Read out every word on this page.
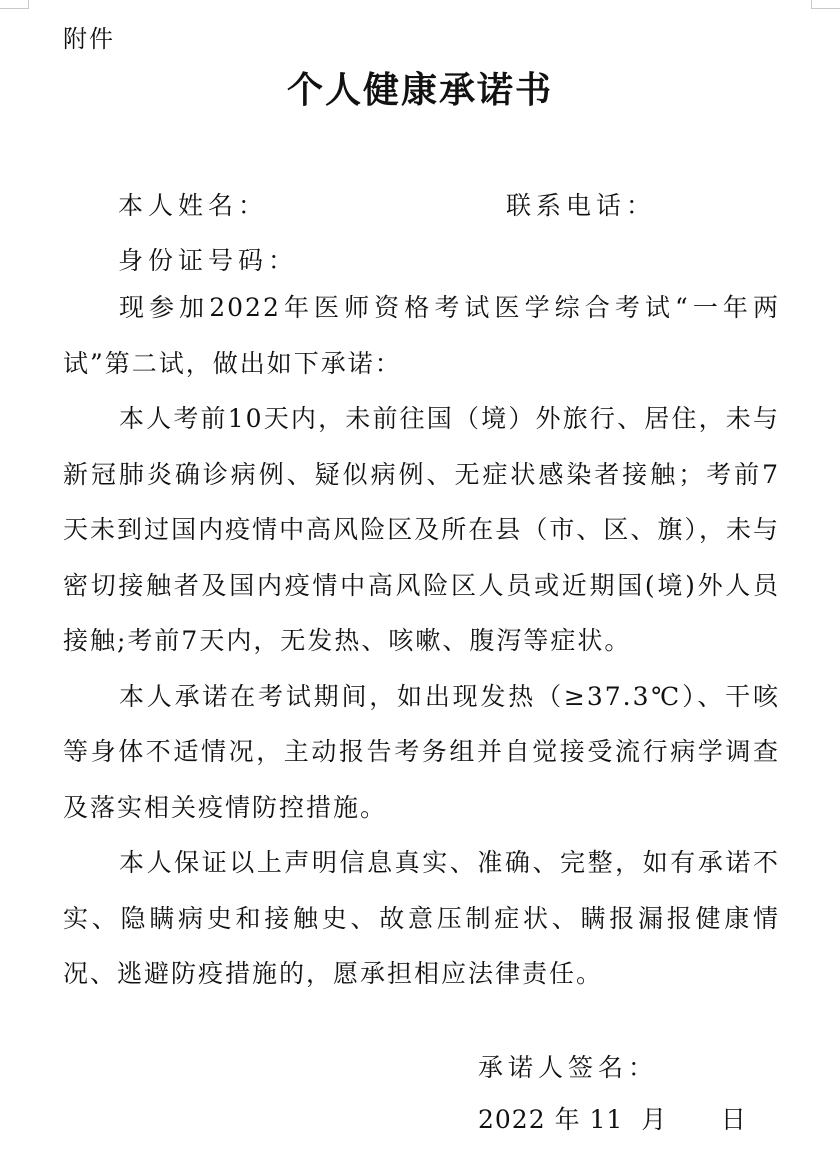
附件
个人健康承诺书
本人姓名：	联系电话：
身份证号码：

现参加2022年医师资格考试医学综合考试“一年两试”第二试，做出如下承诺：

本人考前10天内，未前往国（境）外旅行、居住，未与新冠肺炎确诊病例、疑似病例、无症状感染者接触；考前7天未到过国内疫情中高风险区及所在县（市、区、旗），未与密切接触者及国内疫情中高风险区人员或近期国(境)外人员接触;考前7天内，无发热、咳嗽、腹泻等症状。

本人承诺在考试期间，如出现发热（≥37.3℃）、干咳等身体不适情况，主动报告考务组并自觉接受流行病学调查及落实相关疫情防控措施。

本人保证以上声明信息真实、准确、完整，如有承诺不实、隐瞒病史和接触史、故意压制症状、瞒报漏报健康情况、逃避防疫措施的，愿承担相应法律责任。

承诺人签名：
2022 年 11  月      日
